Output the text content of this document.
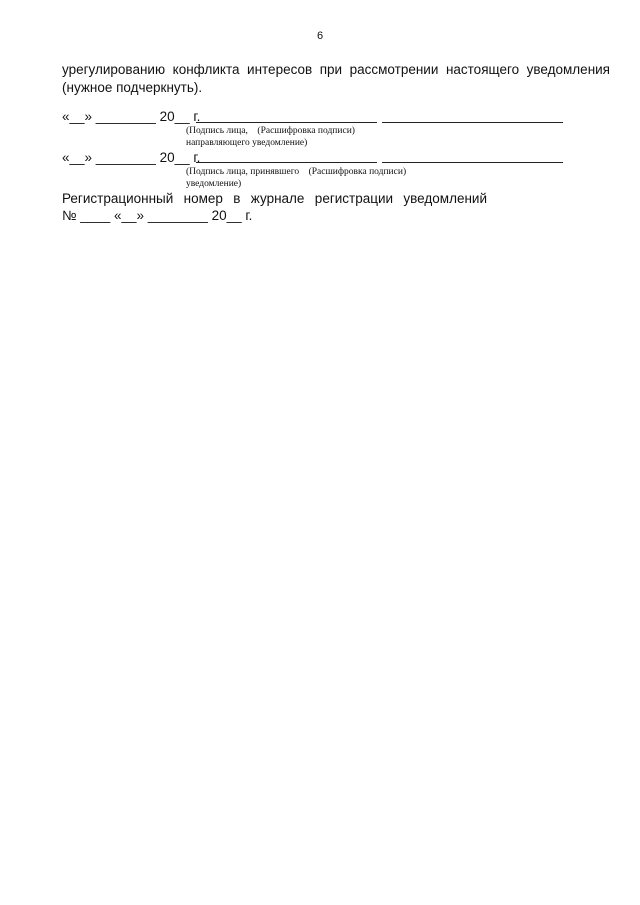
6
урегулированию конфликта интересов при рассмотрении настоящего уведомления
(нужное подчеркнуть).
«__» ________ 20__ г.
(Подпись лица,    (Расшифровка подписи)
направляющего уведомление)
«__» ________ 20__ г.
(Подпись лица, принявшего    (Расшифровка подписи)
уведомление)
Регистрационный номер в журнале регистрации уведомлений
№ ____ «__» ________ 20__ г.
